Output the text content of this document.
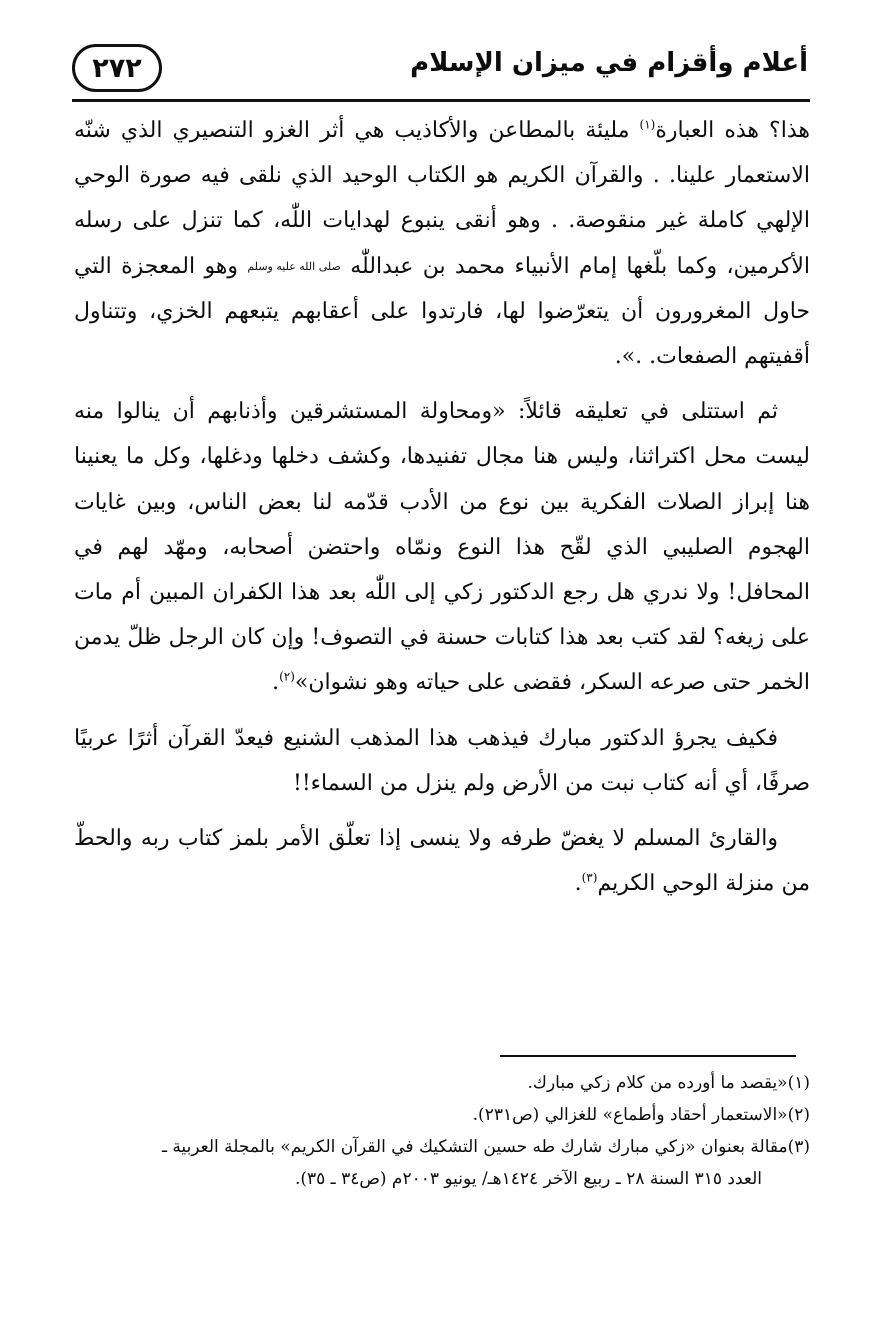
٢٧٢	أعلام وأقزام في ميزان الإسلام

هذا؟ هذه العبارة$^{(١)}$ مليئة بالمطاعن والأكاذيب هي أثر الغزو التنصيري الذي شنّه الاستعمار علينا. . والقرآن الكريم هو الكتاب الوحيد الذي نلقى فيه صورة الوحي الإلهي كاملة غير منقوصة. . وهو أنقى ينبوع لهدايات اللّٰه، كما تنزل على رسله الأكرمين، وكما بلّغها إمام الأنبياء محمد بن عبداللّٰه صلى الله عليه وسلم وهو المعجزة التي حاول المغرورون أن يتعرّضوا لها، فارتدوا على أعقابهم يتبعهم الخزي، وتتناول أقفيتهم الصفعات. .».

ثم استتلى في تعليقه قائلاً: «ومحاولة المستشرقين وأذنابهم أن ينالوا منه ليست محل اكتراثنا، وليس هنا مجال تفنيدها، وكشف دخلها ودغلها، وكل ما يعنينا هنا إبراز الصلات الفكرية بين نوع من الأدب قدّمه لنا بعض الناس، وبين غايات الهجوم الصليبي الذي لقّح هذا النوع ونمّاه واحتضن أصحابه، ومهّد لهم في المحافل! ولا ندري هل رجع الدكتور زكي إلى اللّٰه بعد هذا الكفران المبين أم مات على زيغه؟ لقد كتب بعد هذا كتابات حسنة في التصوف! وإن كان الرجل ظلّ يدمن الخمر حتى صرعه السكر، فقضى على حياته وهو نشوان»$^{(٢)}$.

فكيف يجرؤ الدكتور مبارك فيذهب هذا المذهب الشنيع فيعدّ القرآن أثرًا عربيًا صرفًا، أي أنه كتاب نبت من الأرض ولم ينزل من السماء!!

والقارئ المسلم لا يغضّ طرفه ولا ينسى إذا تعلّق الأمر بلمز كتاب ربه والحطّ من منزلة الوحي الكريم$^{(٣)}$.

(١)«يقصد ما أورده من كلام زكي مبارك.

(٢)«الاستعمار أحقاد وأطماع» للغزالي (ص٢٣١).

(٣)مقالة بعنوان «زكي مبارك شارك طه حسين التشكيك في القرآن الكريم» بالمجلة العربية ـ

العدد ٣١٥ السنة ٢٨ ـ ربيع الآخر ١٤٢٤هـ/ يونيو ٢٠٠٣م (ص٣٤ ـ ٣٥).
